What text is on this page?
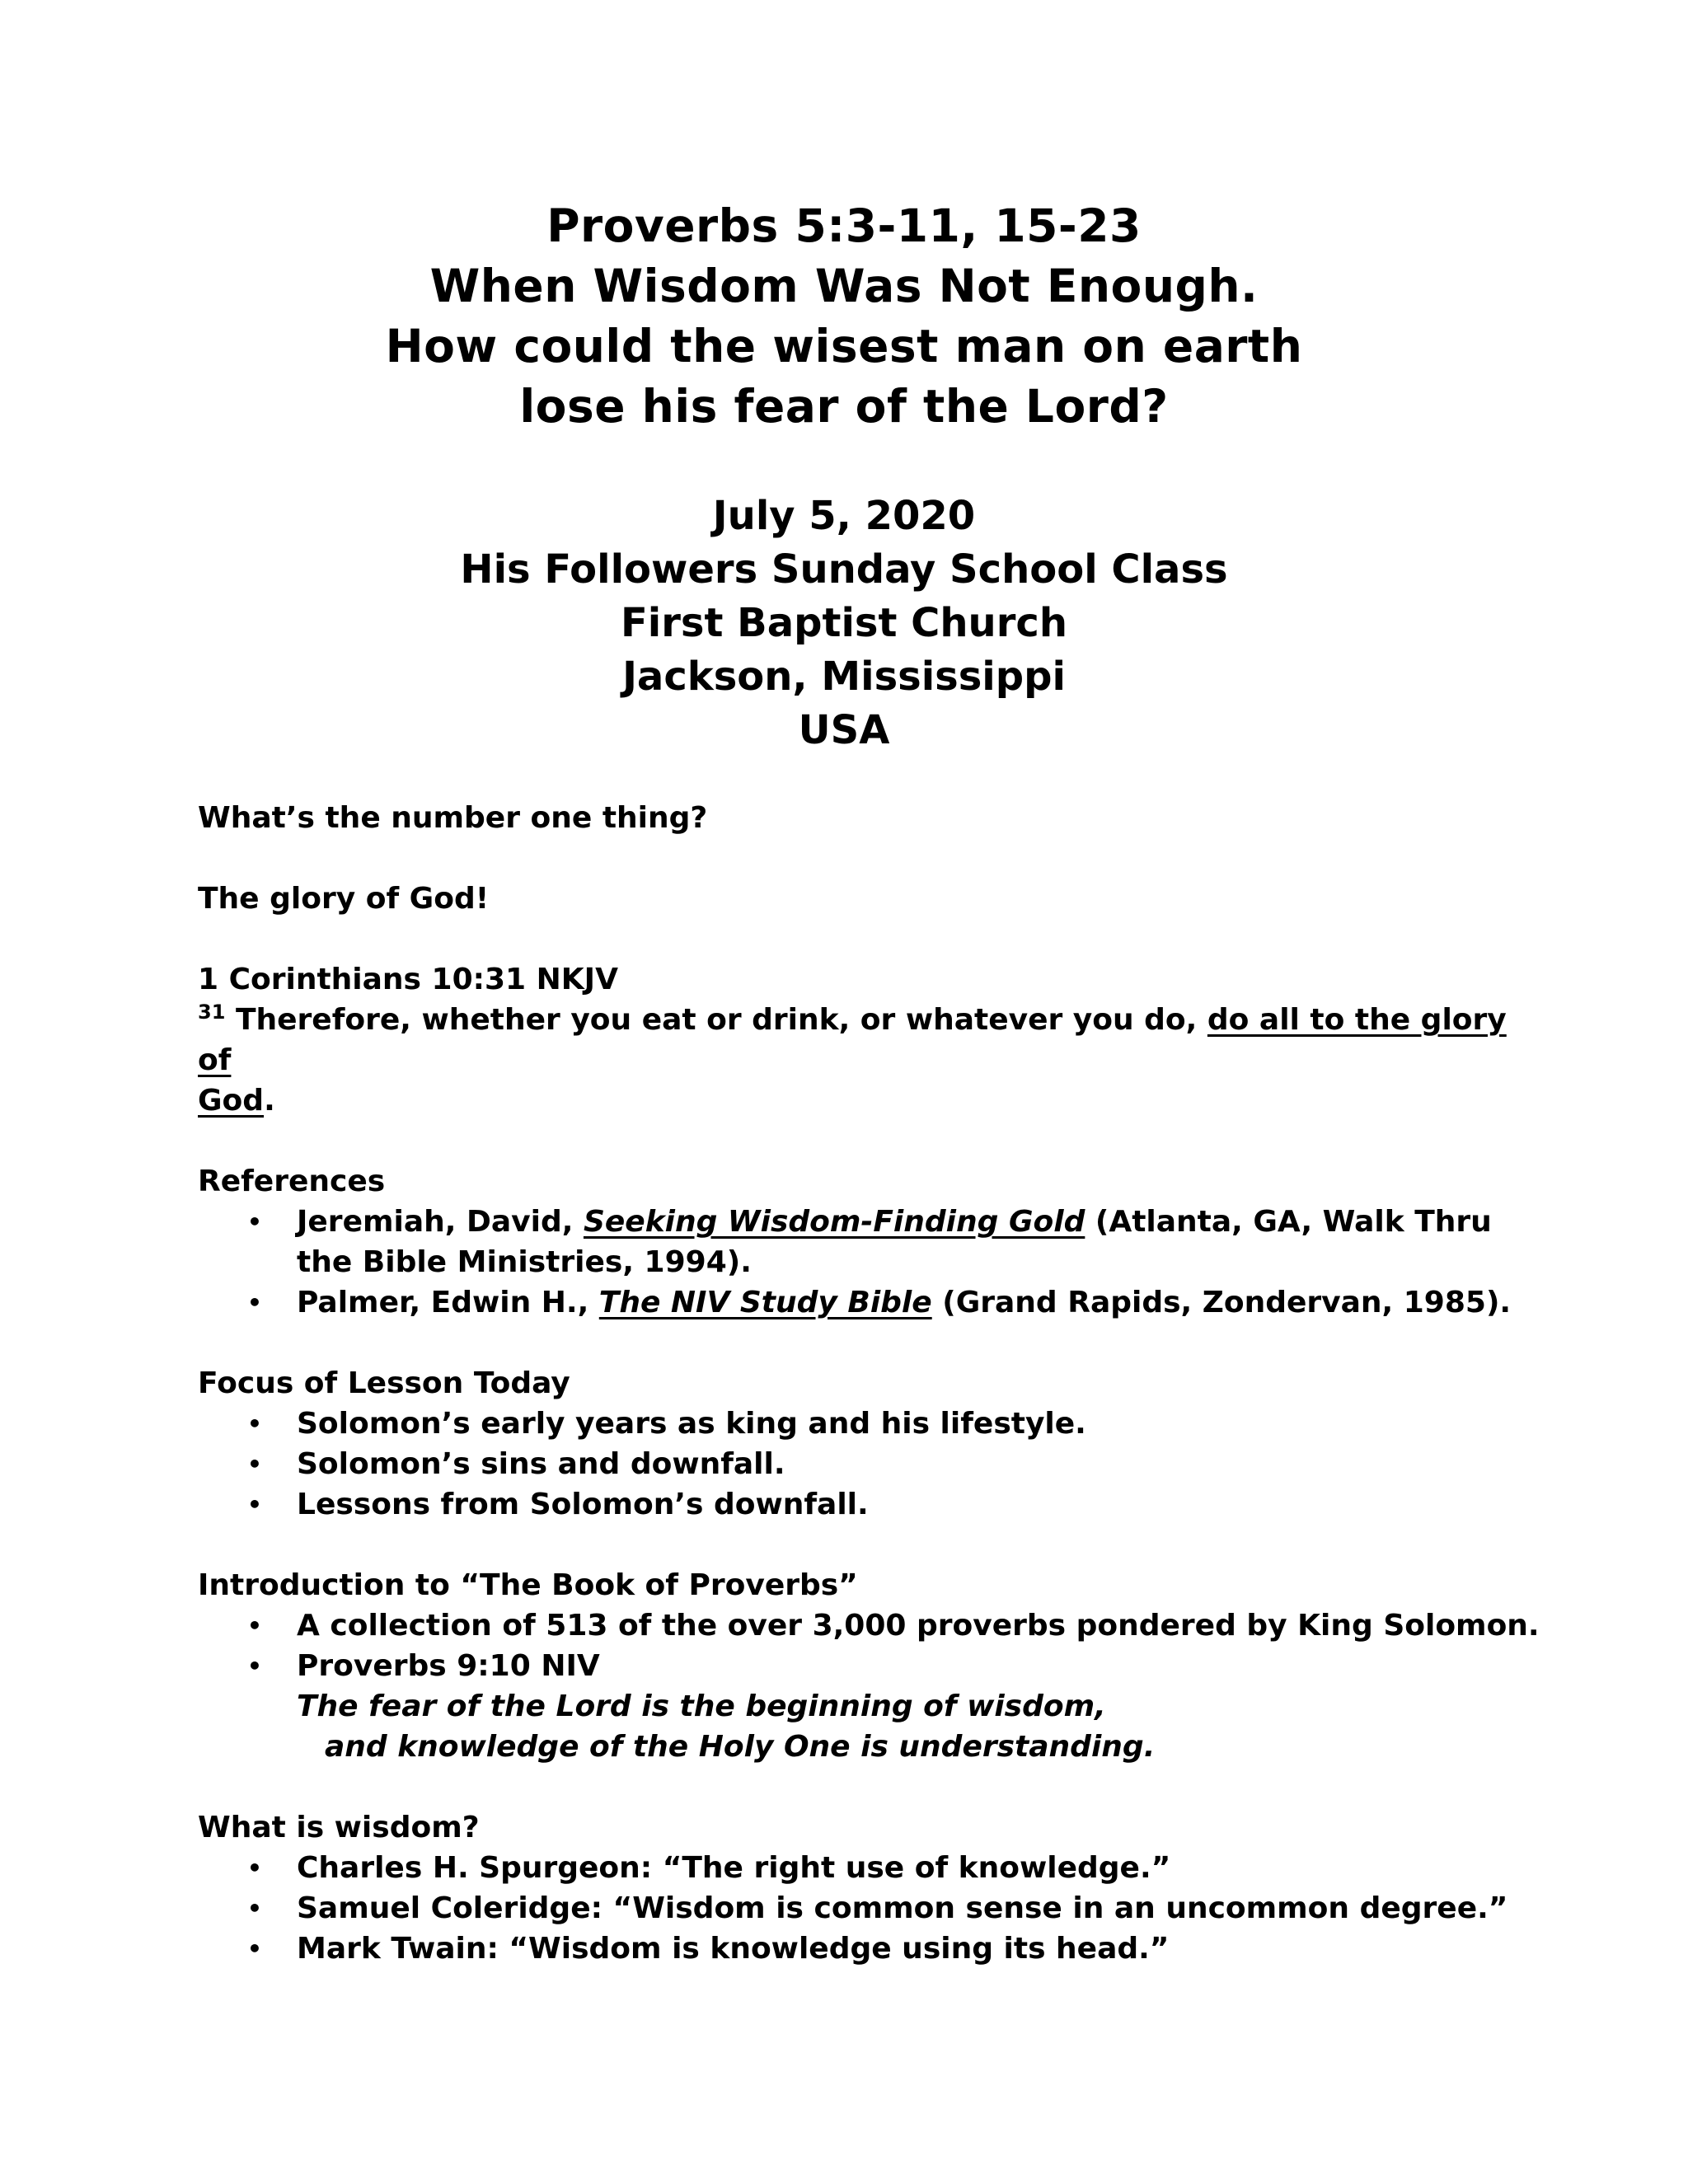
Proverbs 5:3-11, 15-23
When Wisdom Was Not Enough.
How could the wisest man on earth
lose his fear of the Lord?
July 5, 2020
His Followers Sunday School Class
First Baptist Church
Jackson, Mississippi
USA

What’s the number one thing?

The glory of God!

1 Corinthians 10:31 NKJV

$^{31}$ Therefore, whether you eat or drink, or whatever you do, do all to the glory of
God.

References

• Jeremiah, David, Seeking Wisdom-Finding Gold (Atlanta, GA, Walk Thru
the Bible Ministries, 1994).
• Palmer, Edwin H., The NIV Study Bible (Grand Rapids, Zondervan, 1985).

Focus of Lesson Today

• Solomon’s early years as king and his lifestyle.
• Solomon’s sins and downfall.
• Lessons from Solomon’s downfall.

Introduction to “The Book of Proverbs”

• A collection of 513 of the over 3,000 proverbs pondered by King Solomon.
• Proverbs 9:10 NIV
The fear of the Lord is the beginning of wisdom,
and knowledge of the Holy One is understanding.

What is wisdom?

• Charles H. Spurgeon: “The right use of knowledge.”
• Samuel Coleridge: “Wisdom is common sense in an uncommon degree.”
• Mark Twain: “Wisdom is knowledge using its head.”
